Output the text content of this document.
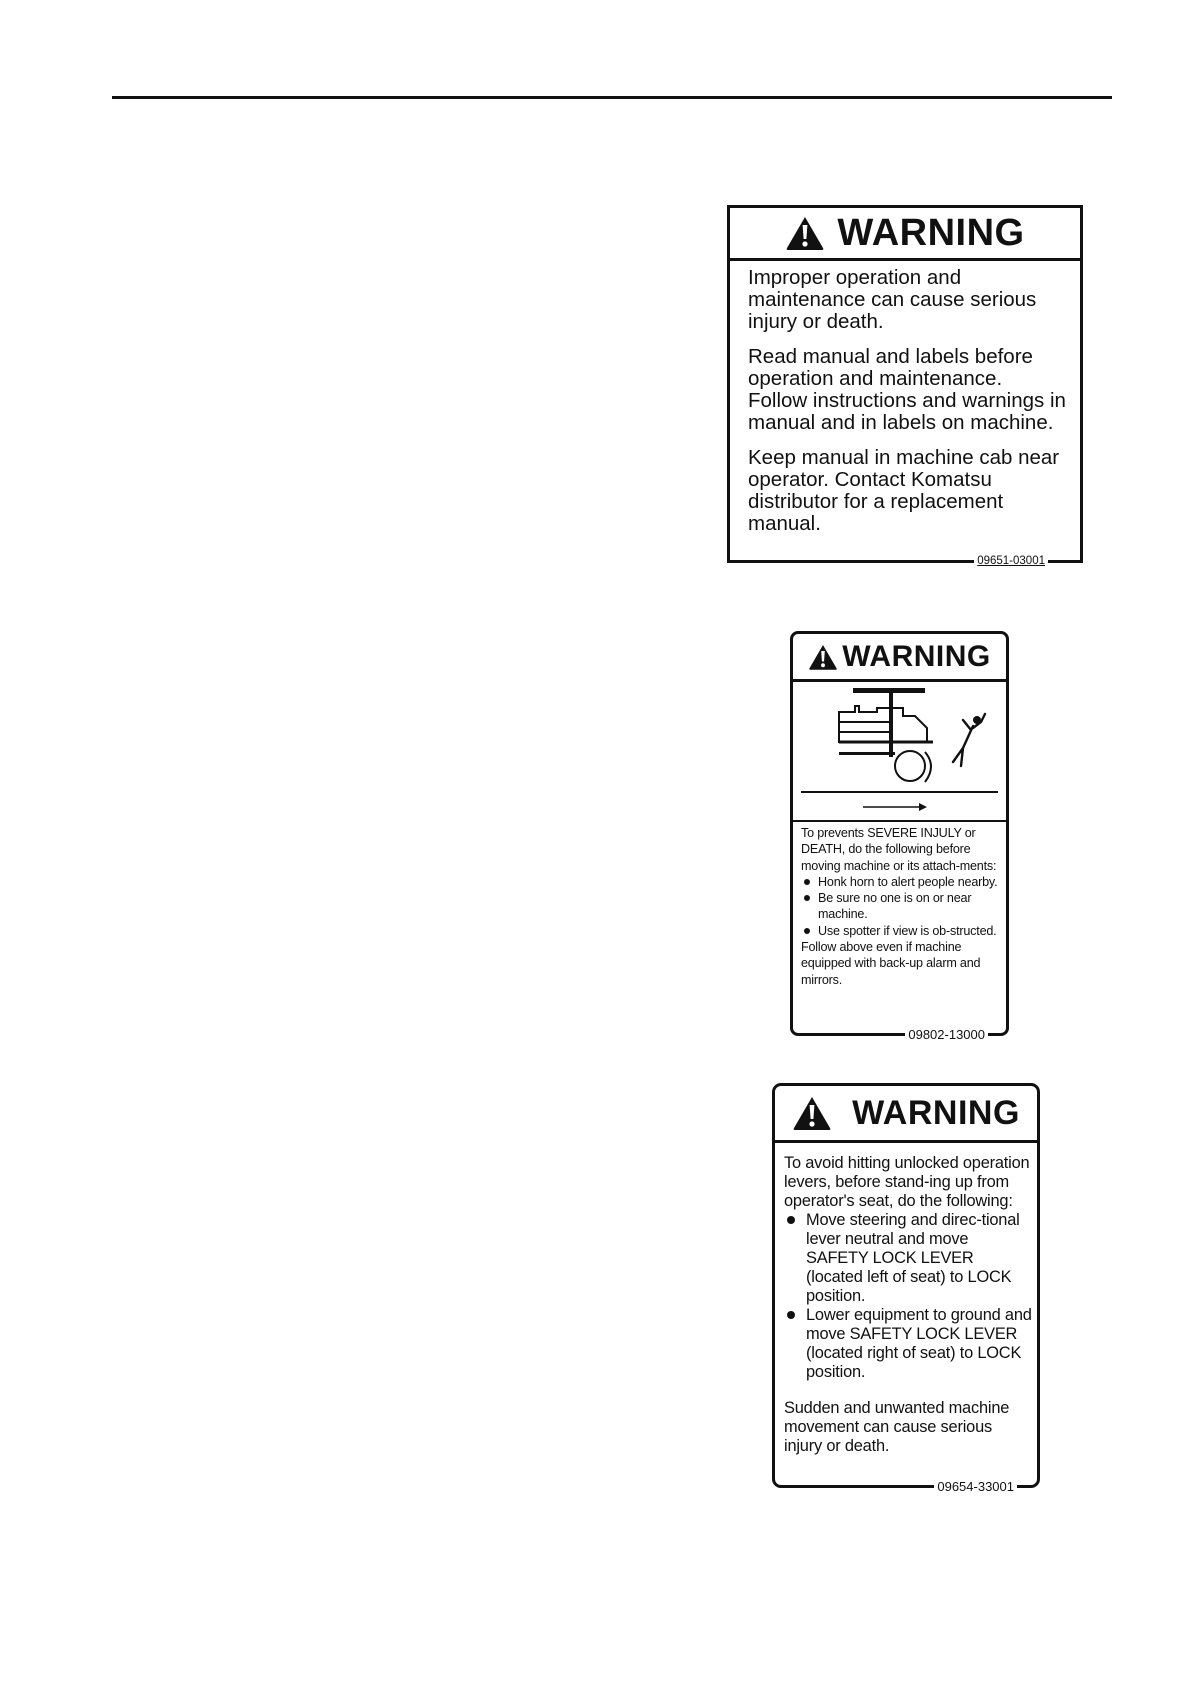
WARNING

Improper operation and maintenance can cause serious injury or death.

Read manual and labels before operation and maintenance. Follow instructions and warnings in manual and in labels on machine.

Keep manual in machine cab near operator. Contact Komatsu distributor for a replacement manual.

09651-03001
WARNING

To prevents SEVERE INJULY or DEATH, do the following before moving machine or its attach-ments:

Honk horn to alert people nearby.
Be sure no one is on or near machine.
Use spotter if view is ob-structed.

Follow above even if machine equipped with back-up alarm and mirrors.

09802-13000
WARNING

To avoid hitting unlocked operation levers, before stand-ing up from operator's seat, do the following:

Move steering and direc-tional lever neutral and move SAFETY LOCK LEVER (located left of seat) to LOCK position.
Lower equipment to ground and move SAFETY LOCK LEVER (located right of seat) to LOCK position.

Sudden and unwanted machine movement can cause serious injury or death.

09654-33001
